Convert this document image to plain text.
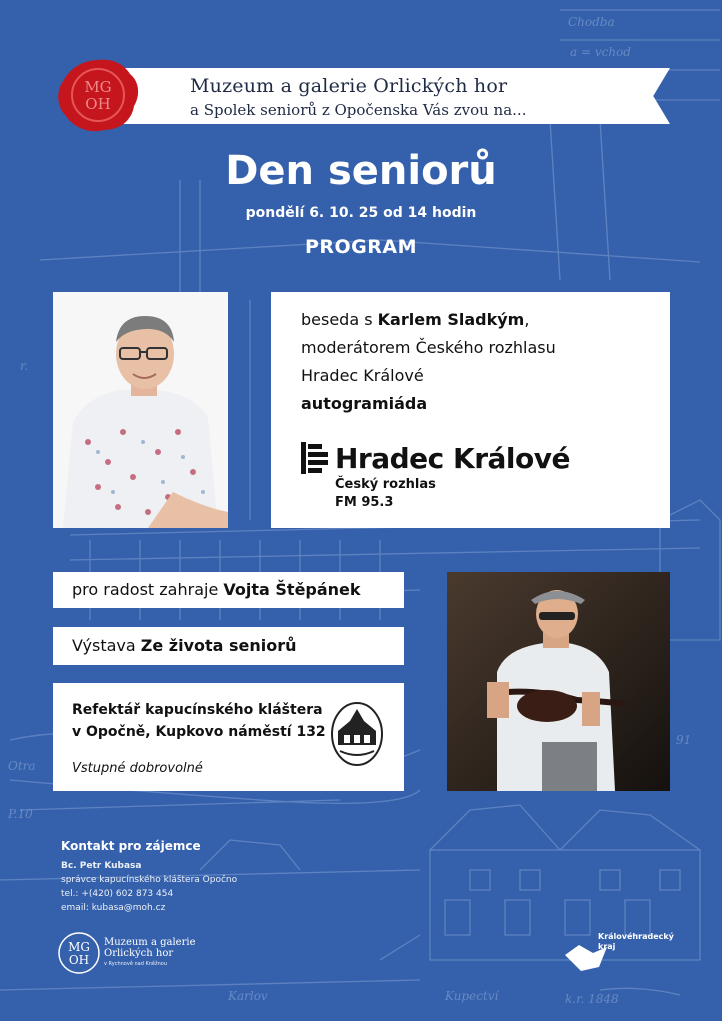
Chodba
a = vchod
r.
Otra
P.10
91
Kupectví	k.r. 1848
Karlov
MG
OH
Muzeum a galerie Orlických hor
a Spolek seniorů z Opočenska Vás zvou na...
Den seniorů
pondělí 6. 10. 25 od 14 hodin
PROGRAM
beseda s Karlem Sladkým,
moderátorem Českého rozhlasu
Hradec Králové
autogramiáda
Hradec Králové
Český rozhlas
FM 95.3
pro radost zahraje Vojta Štěpánek
Výstava Ze života seniorů
Refektář kapucínského kláštera
v Opočně, Kupkovo náměstí 132
Vstupné dobrovolné
Kontakt pro zájemce
Bc. Petr Kubasa
správce kapucínského kláštera Opočno
tel.: +(420) 602 873 454
email: kubasa@moh.cz
MG
OH
Muzeum a galerie
Orlických hor
v Rychnově nad Kněžnou
Královéhradecký
kraj
